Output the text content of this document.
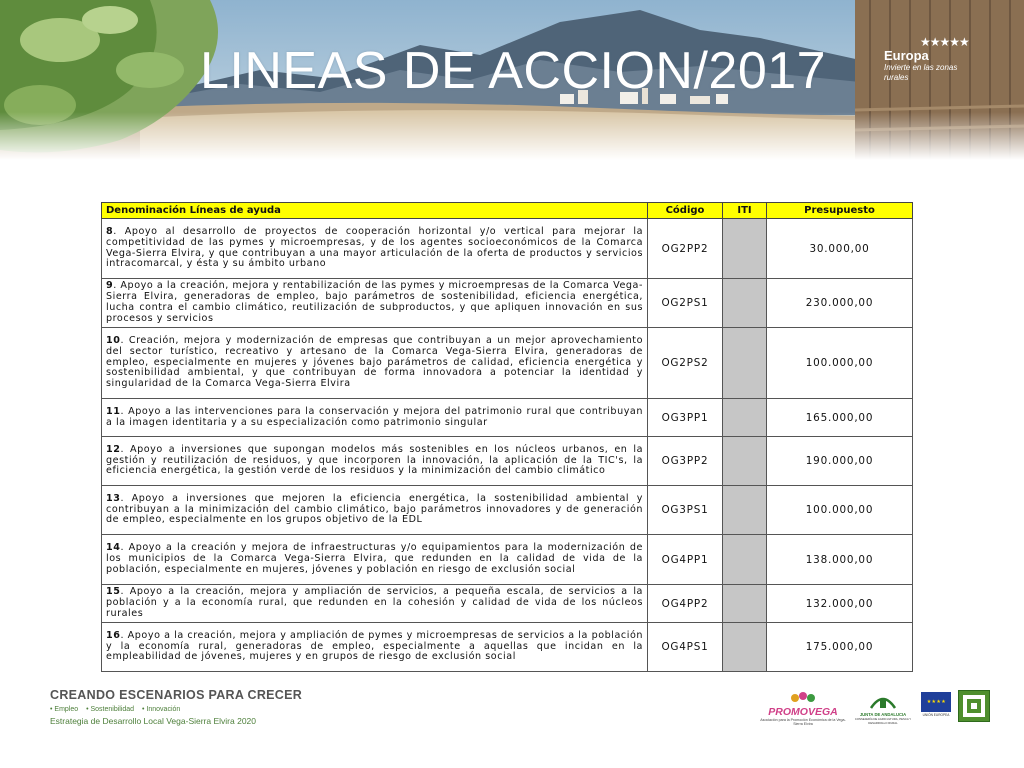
LINEAS DE ACCION/2017	★★★★★
Europa
Invierte en las zonas rurales
Denominación Líneas de ayuda	Código	ITI	Presupuesto
8. Apoyo al desarrollo de proyectos de cooperación horizontal y/o vertical para mejorar la competitividad de las pymes y microempresas, y de los agentes socioeconómicos de la Comarca Vega-Sierra Elvira, y que contribuyan a una mayor articulación de la oferta de productos y servicios intracomarcal, y ésta y su ámbito urbano	OG2PP2		30.000,00
9. Apoyo a la creación, mejora y rentabilización de las pymes y microempresas de la Comarca Vega-Sierra Elvira, generadoras de empleo, bajo parámetros de sostenibilidad, eficiencia energética, lucha contra el cambio climático, reutilización de subproductos, y que apliquen innovación en sus procesos y servicios	OG2PS1		230.000,00
10. Creación, mejora y modernización de empresas que contribuyan a un mejor aprovechamiento del sector turístico, recreativo y artesano de la Comarca Vega-Sierra Elvira, generadoras de empleo, especialmente en mujeres y jóvenes bajo parámetros de calidad, eficiencia energética y sostenibilidad ambiental, y que contribuyan de forma innovadora a potenciar la identidad y singularidad de la Comarca Vega-Sierra Elvira	OG2PS2		100.000,00
11. Apoyo a las intervenciones para la conservación y mejora del patrimonio rural que contribuyan a la imagen identitaria y a su especialización como patrimonio singular	OG3PP1		165.000,00
12. Apoyo a inversiones que supongan modelos más sostenibles en los núcleos urbanos, en la gestión y reutilización de residuos, y que incorporen la innovación, la aplicación de la TIC's, la eficiencia energética, la gestión verde de los residuos y la minimización del cambio climático	OG3PP2		190.000,00
13. Apoyo a inversiones que mejoren la eficiencia energética, la sostenibilidad ambiental y contribuyan a la minimización del cambio climático, bajo parámetros innovadores y de generación de empleo, especialmente en los grupos objetivo de la EDL	OG3PS1		100.000,00
14. Apoyo a la creación y mejora de infraestructuras y/o equipamientos para la modernización de los municipios de la Comarca Vega-Sierra Elvira, que redunden en la calidad de vida de la población, especialmente en mujeres, jóvenes y población en riesgo de exclusión social	OG4PP1		138.000,00
15. Apoyo a la creación, mejora y ampliación de servicios, a pequeña escala, de servicios a la población y a la economía rural, que redunden en la cohesión y calidad de vida de los núcleos rurales	OG4PP2		132.000,00
16. Apoyo a la creación, mejora y ampliación de pymes y microempresas de servicios a la población y la economía rural, generadoras de empleo, especialmente a aquellas que incidan en la empleabilidad de jóvenes, mujeres y en grupos de riesgo de exclusión social	OG4PS1		175.000,00
CREANDO ESCENARIOS PARA CRECER
• Empleo • Sostenibilidad • Innovación
Estrategia de Desarrollo Local Vega-Sierra Elvira 2020
PROMOVEGA
Asociación para la Promoción Económica de la Vega-Sierra Elvira
JUNTA DE ANDALUCIA
CONSEJERÍA DE AGRICULTURA, PESCA Y DESARROLLO RURAL
★ ★ ★ ★
UNIÓN EUROPEA
